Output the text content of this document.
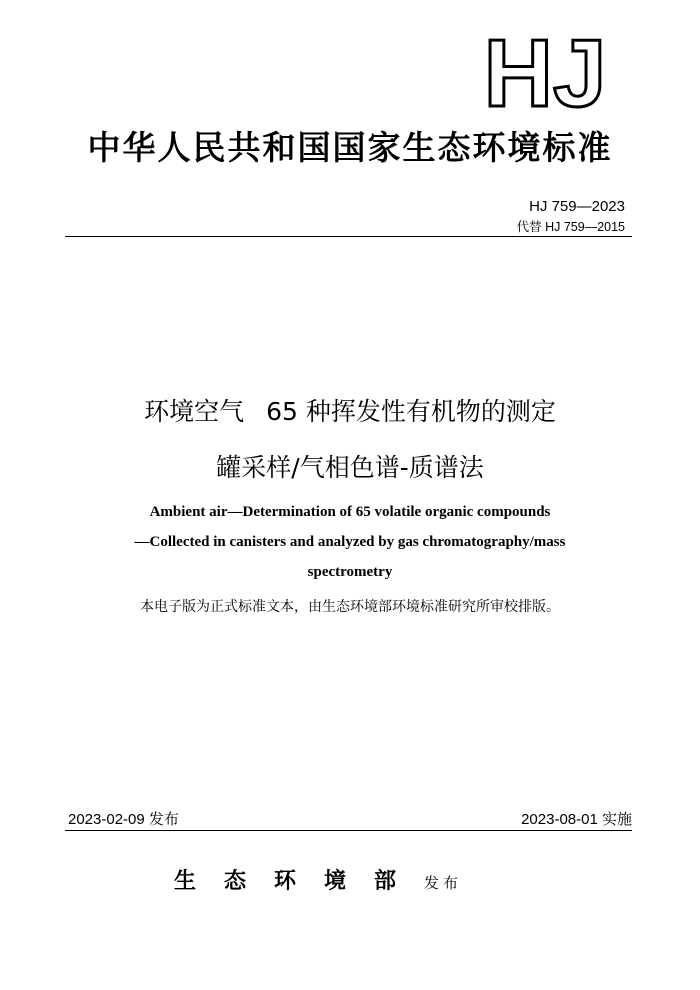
HJ
中华人民共和国国家生态环境标准
HJ 759—2023
代替 HJ 759—2015
环境空气 65 种挥发性有机物的测定
罐采样/气相色谱-质谱法
Ambient air—Determination of 65 volatile organic compounds
—Collected in canisters and analyzed by gas chromatography/mass
spectrometry
本电子版为正式标准文本，由生态环境部环境标准研究所审校排版。
2023-02-09 发布	2023-08-01 实施
生态环境部发布
